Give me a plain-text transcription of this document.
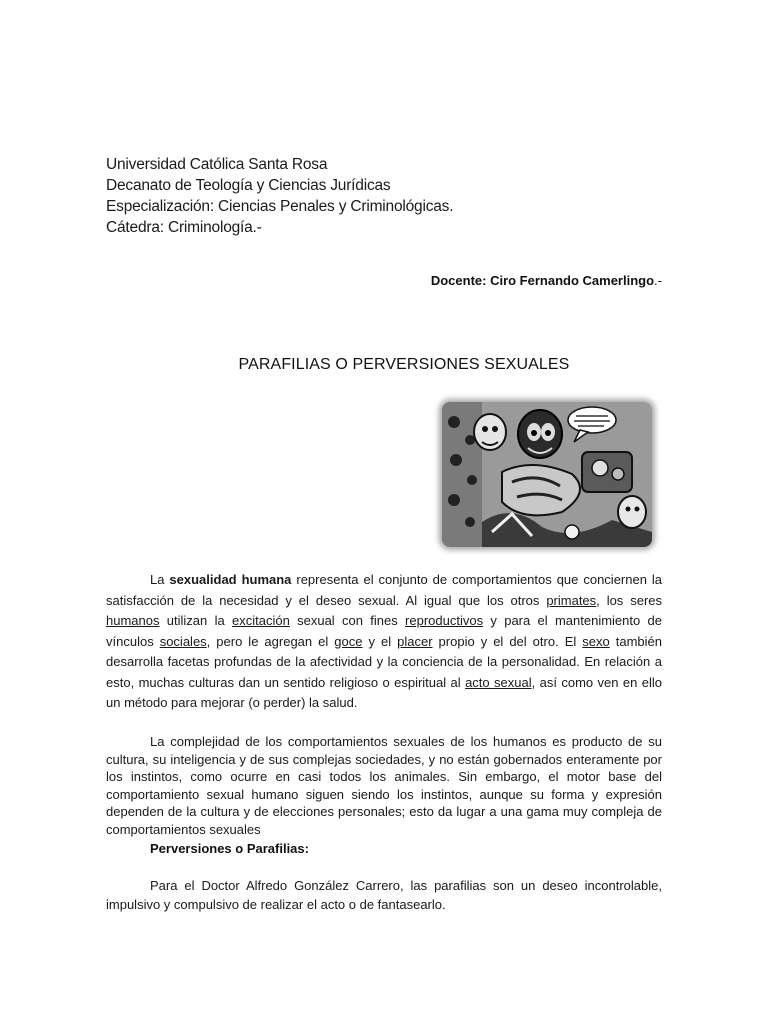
Universidad Católica Santa Rosa
Decanato de Teología y Ciencias Jurídicas
Especialización: Ciencias Penales y Criminológicas.
Cátedra: Criminología.-
Docente: Ciro Fernando Camerlingo.-
PARAFILIAS O PERVERSIONES SEXUALES
La sexualidad humana representa el conjunto de comportamientos que conciernen la satisfacción de la necesidad y el deseo sexual. Al igual que los otros primates, los seres humanos utilizan la excitación sexual con fines reproductivos y para el mantenimiento de vínculos sociales, pero le agregan el goce y el placer propio y el del otro. El sexo también desarrolla facetas profundas de la afectividad y la conciencia de la personalidad. En relación a esto, muchas culturas dan un sentido religioso o espiritual al acto sexual, así como ven en ello un método para mejorar (o perder) la salud.
La complejidad de los comportamientos sexuales de los humanos es producto de su cultura, su inteligencia y de sus complejas sociedades, y no están gobernados enteramente por los instintos, como ocurre en casi todos los animales. Sin embargo, el motor base del comportamiento sexual humano siguen siendo los instintos, aunque su forma y expresión dependen de la cultura y de elecciones personales; esto da lugar a una gama muy compleja de comportamientos sexuales
Perversiones o Parafilias:
Para el Doctor Alfredo González Carrero, las parafilias son un deseo incontrolable, impulsivo y compulsivo de realizar el acto o de fantasearlo.
